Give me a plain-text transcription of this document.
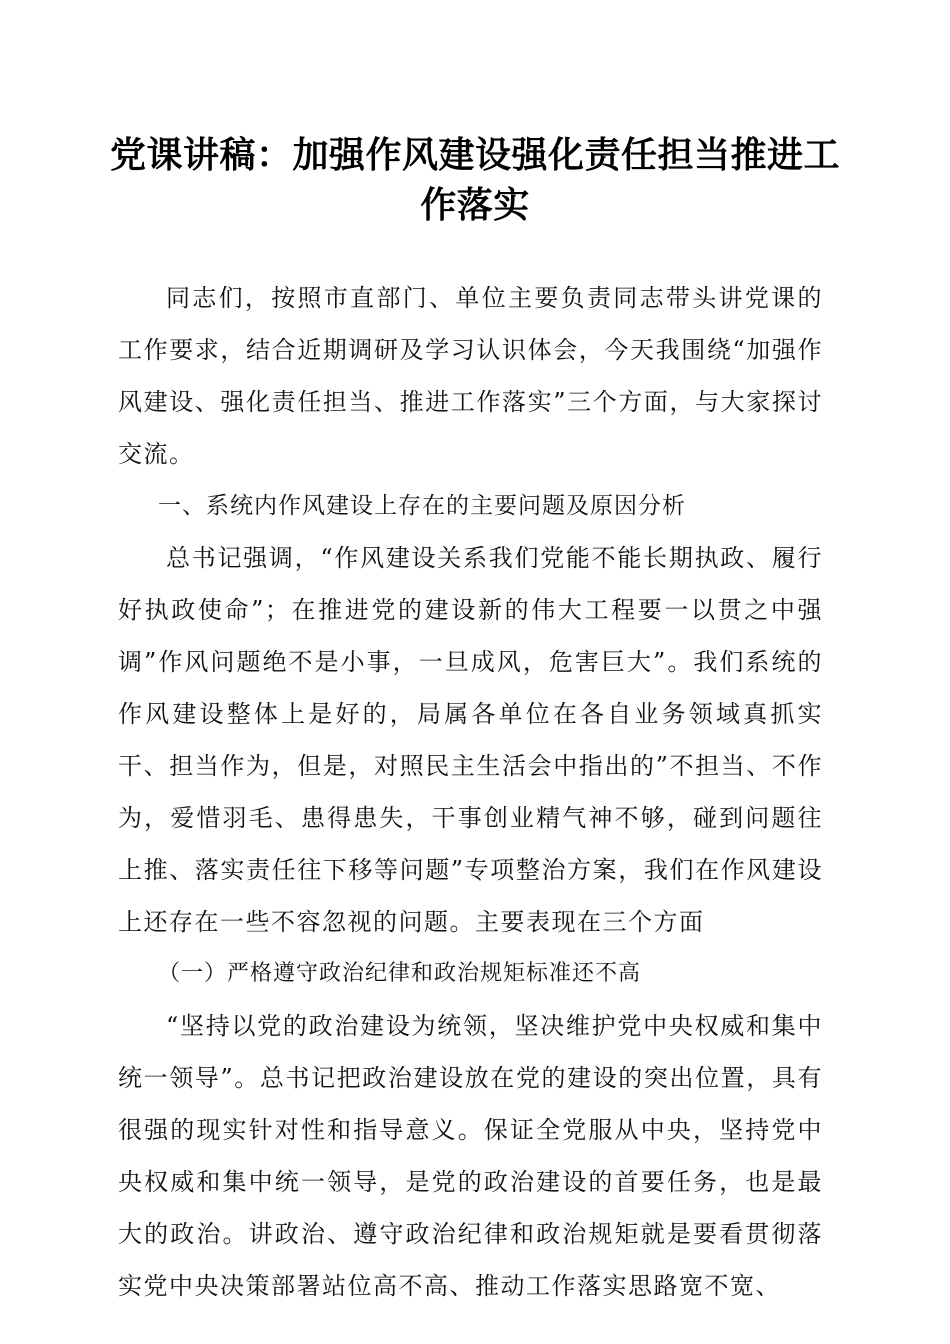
党课讲稿：加强作风建设强化责任担当推进工
作落实

同志们，按照市直部门、单位主要负责同志带头讲党课的工作要求，结合近期调研及学习认识体会，今天我围绕“加强作风建设、强化责任担当、推进工作落实”三个方面，与大家探讨交流。

一、系统内作风建设上存在的主要问题及原因分析

总书记强调，“作风建设关系我们党能不能长期执政、履行好执政使命”；在推进党的建设新的伟大工程要一以贯之中强调”作风问题绝不是小事，一旦成风，危害巨大”。我们系统的作风建设整体上是好的，局属各单位在各自业务领域真抓实干、担当作为，但是，对照民主生活会中指出的”不担当、不作为，爱惜羽毛、患得患失，干事创业精气神不够，碰到问题往上推、落实责任往下移等问题”专项整治方案，我们在作风建设上还存在一些不容忽视的问题。主要表现在三个方面

（一）严格遵守政治纪律和政治规矩标准还不高

“坚持以党的政治建设为统领，坚决维护党中央权威和集中统一领导”。总书记把政治建设放在党的建设的突出位置，具有很强的现实针对性和指导意义。保证全党服从中央，坚持党中央权威和集中统一领导，是党的政治建设的首要任务，也是最大的政治。讲政治、遵守政治纪律和政治规矩就是要看贯彻落实党中央决策部署站位高不高、推动工作落实思路宽不宽、
